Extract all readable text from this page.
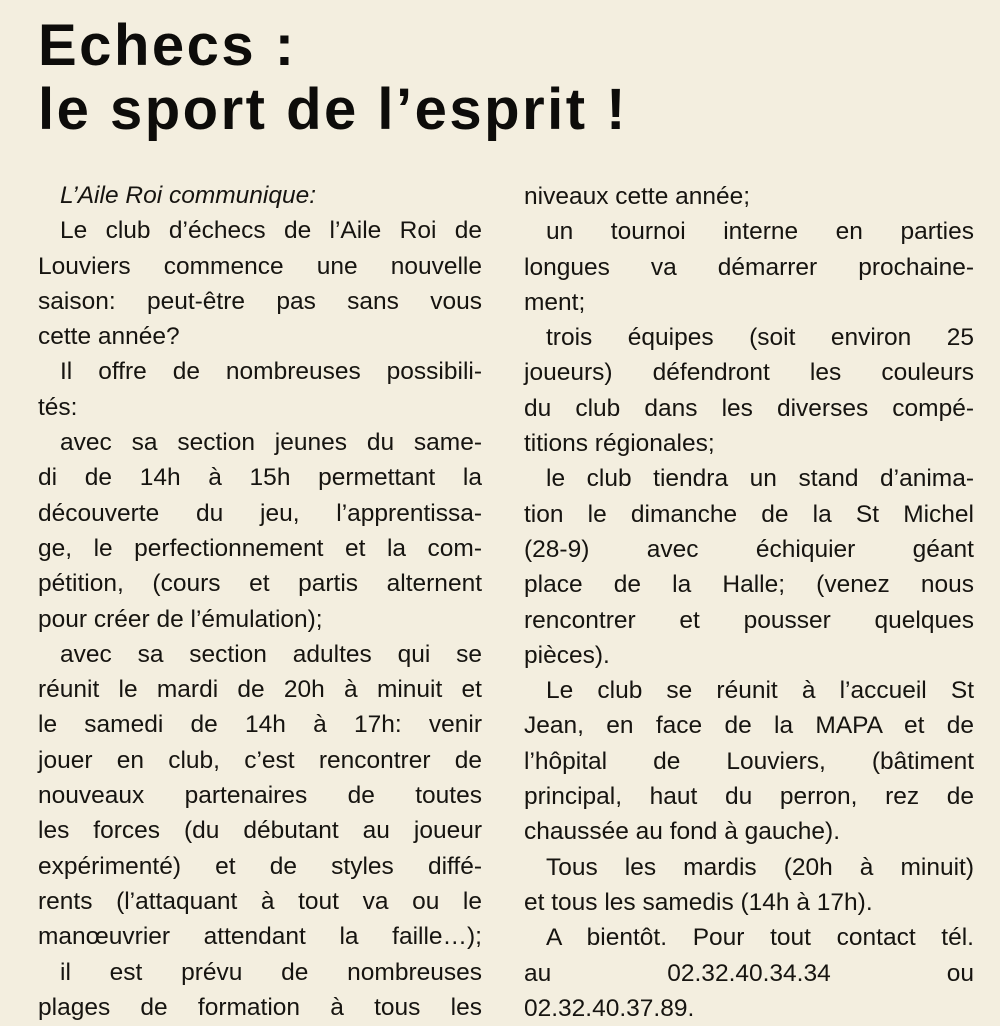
Echecs :
le sport de l’esprit !
L’Aile Roi communique:
Le club d’échecs de l’Aile Roi de
Louviers commence une nouvelle
saison: peut-être pas sans vous
cette année?
Il offre de nombreuses possibili-
tés:
avec sa section jeunes du same-
di de 14h à 15h permettant la
découverte du jeu, l’apprentissa-
ge, le perfectionnement et la com-
pétition, (cours et partis alternent
pour créer de l’émulation);
avec sa section adultes qui se
réunit le mardi de 20h à minuit et
le samedi de 14h à 17h: venir
jouer en club, c’est rencontrer de
nouveaux partenaires de toutes
les forces (du débutant au joueur
expérimenté) et de styles diffé-
rents (l’attaquant à tout va ou le
manœuvrier attendant la faille…);
il est prévu de nombreuses
plages de formation à tous les
niveaux cette année;
un tournoi interne en parties
longues va démarrer prochaine-
ment;
trois équipes (soit environ 25
joueurs) défendront les couleurs
du club dans les diverses compé-
titions régionales;
le club tiendra un stand d’anima-
tion le dimanche de la St Michel
(28-9) avec échiquier géant
place de la Halle; (venez nous
rencontrer et pousser quelques
pièces).
Le club se réunit à l’accueil St
Jean, en face de la MAPA et de
l’hôpital de Louviers, (bâtiment
principal, haut du perron, rez de
chaussée au fond à gauche).
Tous les mardis (20h à minuit)
et tous les samedis (14h à 17h).
A bientôt. Pour tout contact tél.
au 02.32.40.34.34 ou
02.32.40.37.89.
